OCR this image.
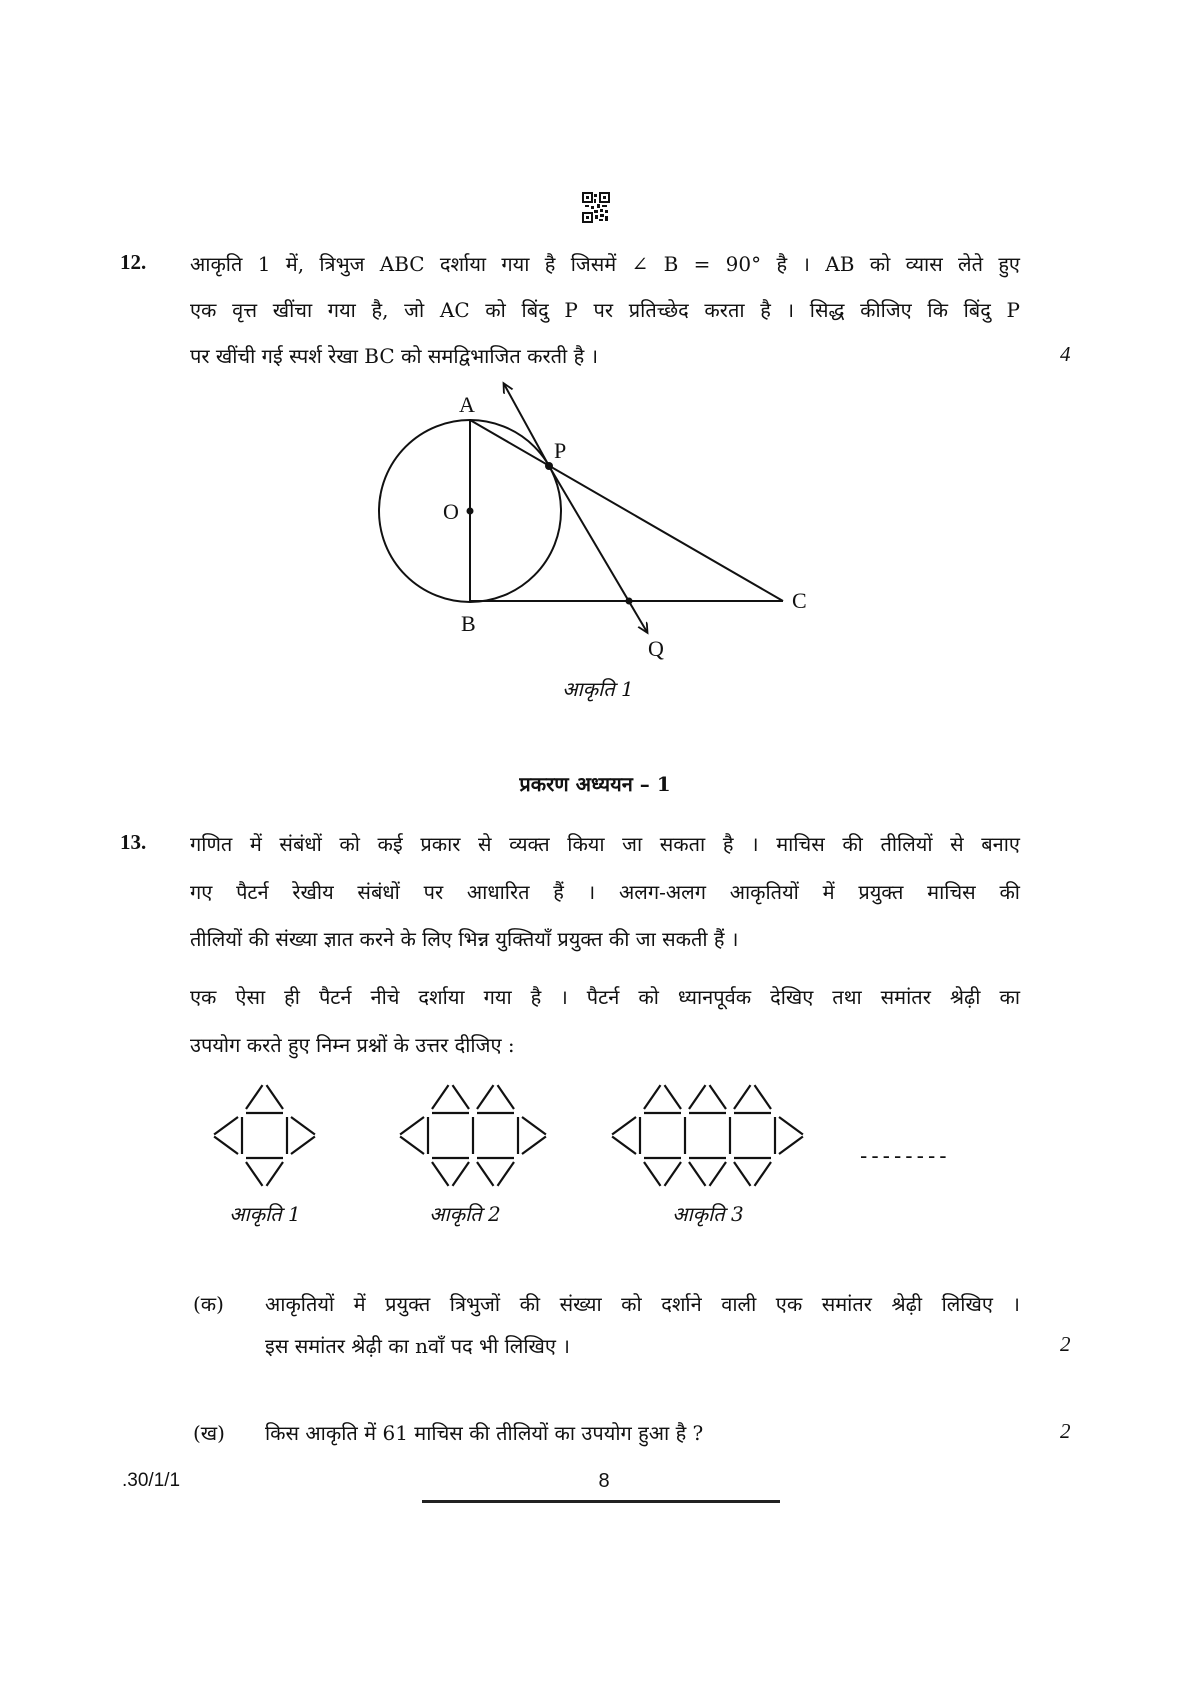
12. आकृति 1 में, त्रिभुज ABC दर्शाया गया है जिसमें ∠ B = 90° है । AB को व्यास लेते हुए
एक वृत्त खींचा गया है, जो AC को बिंदु P पर प्रतिच्छेद करता है । सिद्ध कीजिए कि बिंदु P
पर खींची गई स्पर्श रेखा BC को समद्विभाजित करती है ।	4
A
P
O
B
C
Q
आकृति 1
प्रकरण अध्ययन – 1
13. गणित में संबंधों को कई प्रकार से व्यक्त किया जा सकता है । माचिस की तीलियों से बनाए
गए पैटर्न रेखीय संबंधों पर आधारित हैं । अलग-अलग आकृतियों में प्रयुक्त माचिस की
तीलियों की संख्या ज्ञात करने के लिए भिन्न युक्तियाँ प्रयुक्त की जा सकती हैं ।
एक ऐसा ही पैटर्न नीचे दर्शाया गया है । पैटर्न को ध्यानपूर्वक देखिए तथा समांतर श्रेढ़ी का
उपयोग करते हुए निम्न प्रश्नों के उत्तर दीजिए :
आकृति 1	आकृति 2	आकृति 3
--------
(क) आकृतियों में प्रयुक्त त्रिभुजों की संख्या को दर्शाने वाली एक समांतर श्रेढ़ी लिखिए ।
इस समांतर श्रेढ़ी का nवाँ पद भी लिखिए ।	2
(ख) किस आकृति में 61 माचिस की तीलियों का उपयोग हुआ है ?	2
.30/1/1	8
